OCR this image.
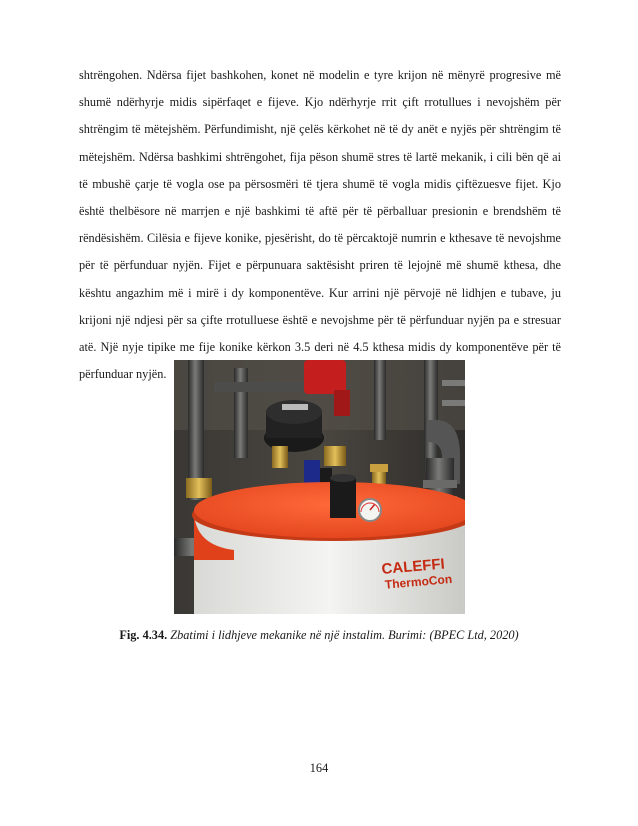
shtrëngohen. Ndërsa fijet bashkohen, konet në modelin e tyre krijon në mënyrë progresive më shumë ndërhyrje midis sipërfaqet e fijeve. Kjo ndërhyrje rrit çift rrotullues i nevojshëm për shtrëngim të mëtejshëm. Përfundimisht, një çelës kërkohet në të dy anët e nyjës për shtrëngim të mëtejshëm. Ndërsa bashkimi shtrëngohet, fija pëson shumë stres të lartë mekanik, i cili bën që ai të mbushë çarje të vogla ose pa përsosmëri të tjera shumë të vogla midis çiftëzuesve fijet. Kjo është thelbësore në marrjen e një bashkimi të aftë për të përballuar presionin e brendshëm të rëndësishëm. Cilësia e fijeve konike, pjesërisht, do të përcaktojë numrin e kthesave të nevojshme për të përfunduar nyjën. Fijet e përpunuara saktësisht priren të lejojnë më shumë kthesa, dhe kështu angazhim më i mirë i dy komponentëve. Kur arrini një përvojë në lidhjen e tubave, ju krijoni një ndjesi për sa çifte rrotulluese është e nevojshme për të përfunduar nyjën pa e stresuar atë. Një nyje tipike me fije konike kërkon 3.5 deri në 4.5 kthesa midis dy komponentëve për të përfunduar nyjën.

CALEFFI
ThermoCon

Fig. 4.34. Zbatimi i lidhjeve mekanike në një instalim. Burimi: (BPEC Ltd, 2020)

164
